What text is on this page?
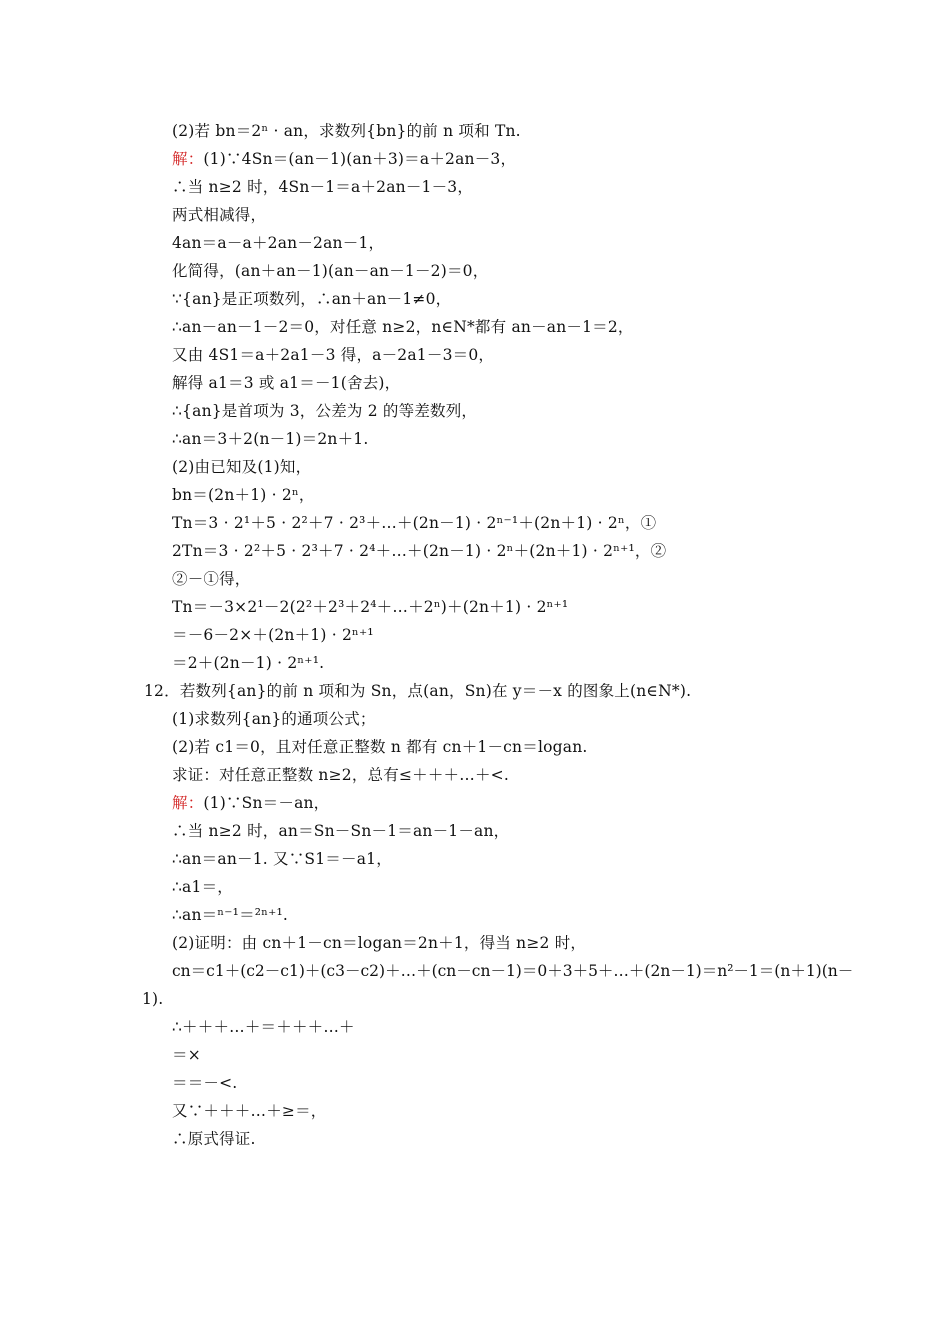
(2)若 bn＝2ⁿ · an，求数列{bn}的前 n 项和 Tn.
解：(1)∵4Sn＝(an－1)(an＋3)＝a＋2an－3，
∴当 n≥2 时，4Sn－1＝a＋2an－1－3，
两式相减得，
4an＝a－a＋2an－2an－1，
化简得，(an＋an－1)(an－an－1－2)＝0，
∵{an}是正项数列，∴an＋an－1≠0，
∴an－an－1－2＝0，对任意 n≥2，n∈N*都有 an－an－1＝2，
又由 4S1＝a＋2a1－3 得，a－2a1－3＝0，
解得 a1＝3 或 a1＝－1(舍去)，
∴{an}是首项为 3，公差为 2 的等差数列，
∴an＝3＋2(n－1)＝2n＋1.
(2)由已知及(1)知，
bn＝(2n＋1) · 2ⁿ，
Tn＝3 · 2¹＋5 · 2²＋7 · 2³＋…＋(2n－1) · 2ⁿ⁻¹＋(2n＋1) · 2ⁿ，①
2Tn＝3 · 2²＋5 · 2³＋7 · 2⁴＋…＋(2n－1) · 2ⁿ＋(2n＋1) · 2ⁿ⁺¹，②
②－①得，
Tn＝－3×2¹－2(2²＋2³＋2⁴＋…＋2ⁿ)＋(2n＋1) · 2ⁿ⁺¹
＝－6－2×＋(2n＋1) · 2ⁿ⁺¹
＝2＋(2n－1) · 2ⁿ⁺¹.
12．若数列{an}的前 n 项和为 Sn，点(an，Sn)在 y＝－x 的图象上(n∈N*).
(1)求数列{an}的通项公式；
(2)若 c1＝0，且对任意正整数 n 都有 cn＋1－cn＝logan.
求证：对任意正整数 n≥2，总有≤＋＋＋…＋<.
解：(1)∵Sn＝－an，
∴当 n≥2 时，an＝Sn－Sn－1＝an－1－an，
∴an＝an－1. 又∵S1＝－a1，
∴a1＝，
∴an＝ⁿ⁻¹＝²ⁿ⁺¹.
(2)证明：由 cn＋1－cn＝logan＝2n＋1，得当 n≥2 时，
cn＝c1＋(c2－c1)＋(c3－c2)＋…＋(cn－cn－1)＝0＋3＋5＋…＋(2n－1)＝n²－1＝(n＋1)(n－
1).
∴＋＋＋…＋＝＋＋＋…＋
＝×
＝＝－<.
又∵＋＋＋…＋≥＝，
∴原式得证.
